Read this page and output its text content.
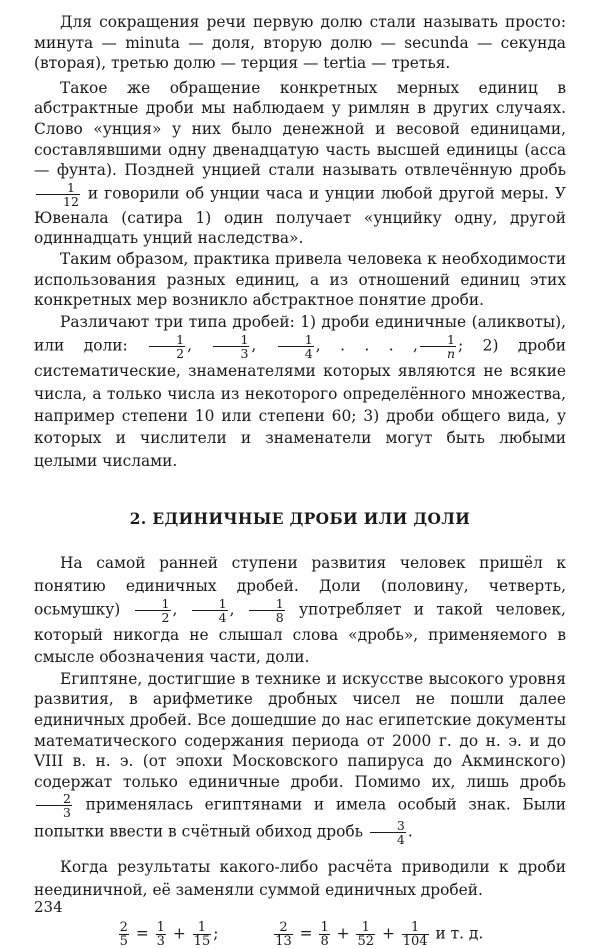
Для сокращения речи первую долю стали называть просто: минута — minuta — доля, вторую долю — secunda — секунда (вторая), третью долю — терция — tertia — третья.

Такое же обращение конкретных мерных единиц в абстрактные дроби мы наблюдаем у римлян в других случаях. Слово «унция» у них было денежной и весовой единицами, составлявшими одну двенадцатую часть высшей единицы (асса — фунта). Поздней унцией стали называть отвлечённую дробь
$\frac{1}{12}$ и говорили об унции часа и унции любой другой меры. У Ювенала (сатира 1) один получает «унцийку одну, другой одиннадцать унций наследства».

Таким образом, практика привела человека к необходимости использования разных единиц, а из отношений единиц этих конкретных мер возникло абстрактное понятие дроби.

Различают три типа дробей: 1) дроби единичные (аликвоты), или доли: $\frac{1}{2}$ , $\frac{1}{3}$ , $\frac{1}{4}$ , . . . , $\frac{1}{n}$ ; 2) дроби систематические, знаменателями которых являются не всякие числа, а только числа из некоторого определённого множества, например степени 10 или степени 60; 3) дроби общего вида, у которых и числители и знаменатели могут быть любыми целыми числами.

2. ЕДИНИЧНЫЕ ДРОБИ ИЛИ ДОЛИ

На самой ранней ступени развития человек пришёл к понятию единичных дробей. Доли (половину, четверть, осьмушку) $\frac{1}{2}$ , $\frac{1}{4}$ , $\frac{1}{8}$ употребляет и такой человек, который никогда не слышал слова «дробь», применяемого в смысле обозначения части, доли.

Египтяне, достигшие в технике и искусстве высокого уровня развития, в арифметике дробных чисел не пошли далее единичных дробей. Все дошедшие до нас египетские документы математического содержания периода от 2000 г. до н. э. и до VIII в. н. э. (от эпохи Московского папируса до Акминского) содержат только единичные дроби. Помимо их, лишь дробь
$\frac{2}{3}$ применялась египтянами и имела особый знак. Были попытки ввести в счётный обиход дробь $\frac{3}{4}$ .

Когда результаты какого-либо расчёта приводили к дроби неединичной, её заменяли суммой единичных дробей.

$\frac{2}{5} = \frac{1}{3} + \frac{1}{15}$ ;	$\frac{2}{13} = \frac{1}{8} + \frac{1}{52} + \frac{1}{104}$ и т. д.
234
